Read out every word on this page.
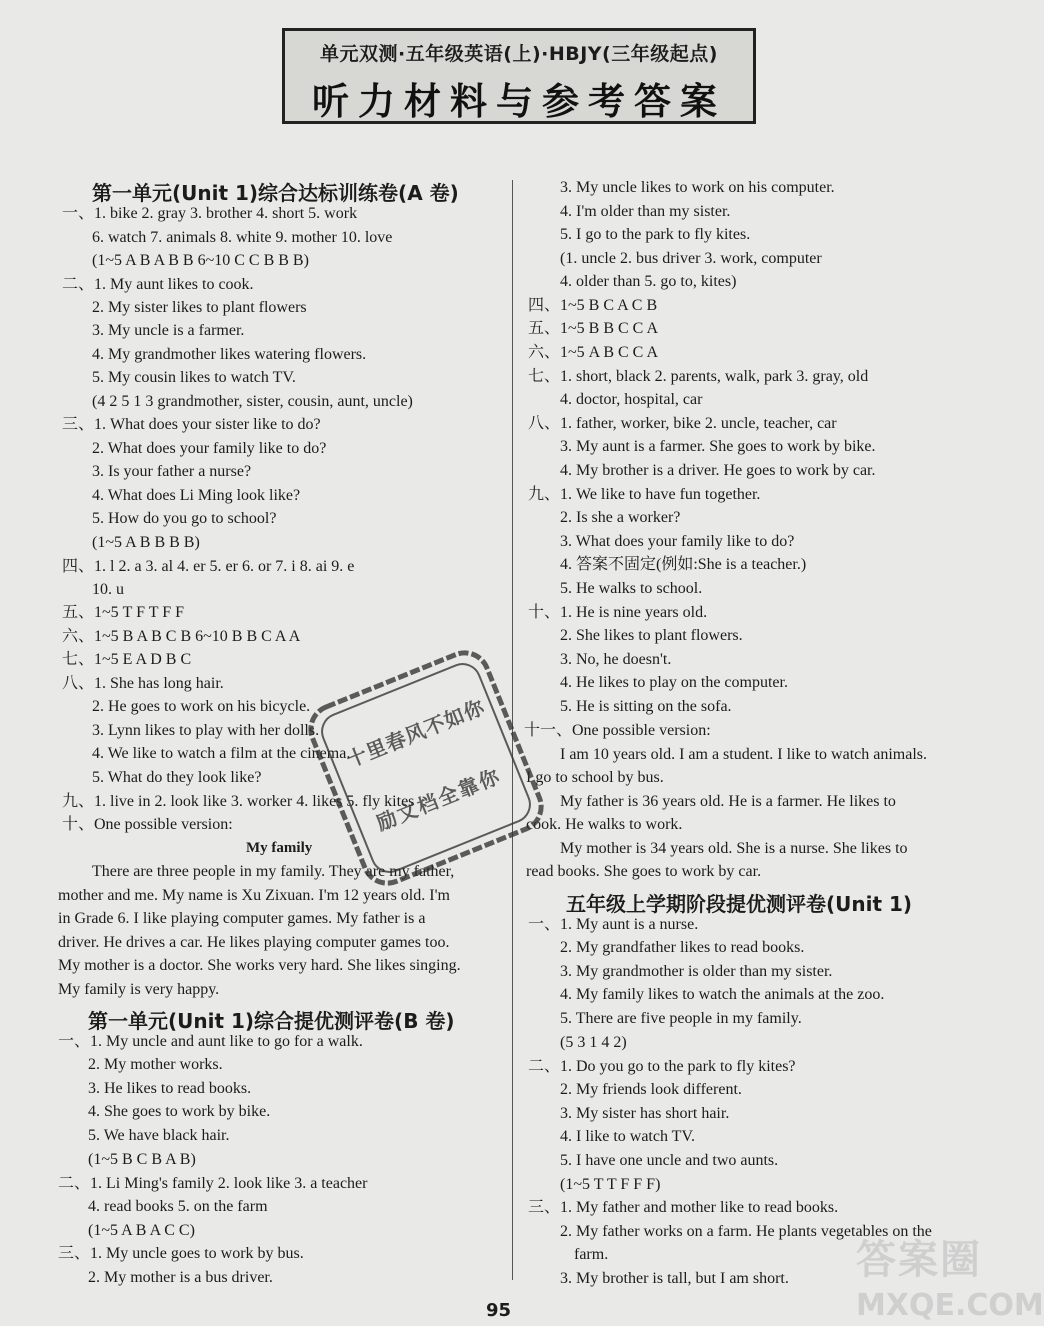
单元双测·五年级英语(上)·HBJY(三年级起点)
听力材料与参考答案
第一单元(Unit 1)综合达标训练卷(A 卷)
一、1. bike 2. gray 3. brother 4. short 5. work
6. watch 7. animals 8. white 9. mother 10. love
(1~5 A B A B B 6~10 C C B B B)
二、1. My aunt likes to cook.
2. My sister likes to plant flowers
3. My uncle is a farmer.
4. My grandmother likes watering flowers.
5. My cousin likes to watch TV.
(4 2 5 1 3 grandmother, sister, cousin, aunt, uncle)
三、1. What does your sister like to do?
2. What does your family like to do?
3. Is your father a nurse?
4. What does Li Ming look like?
5. How do you go to school?
(1~5 A B B B B)
四、1. l 2. a 3. al 4. er 5. er 6. or 7. i 8. ai 9. e
10. u
五、1~5 T F T F F
六、1~5 B A B C B 6~10 B B C A A
七、1~5 E A D B C
八、1. She has long hair.
2. He goes to work on his bicycle.
3. Lynn likes to play with her dolls.
4. We like to watch a film at the cinema.
5. What do they look like?
九、1. live in 2. look like 3. worker 4. likes 5. fly kites
十、One possible version:
My family
There are three people in my family. They are my father,
mother and me. My name is Xu Zixuan. I'm 12 years old. I'm
in Grade 6. I like playing computer games. My father is a
driver. He drives a car. He likes playing computer games too.
My mother is a doctor. She works very hard. She likes singing.
My family is very happy.
第一单元(Unit 1)综合提优测评卷(B 卷)
一、1. My uncle and aunt like to go for a walk.
2. My mother works.
3. He likes to read books.
4. She goes to work by bike.
5. We have black hair.
(1~5 B C B A B)
二、1. Li Ming's family 2. look like 3. a teacher
4. read books 5. on the farm
(1~5 A B A C C)
三、1. My uncle goes to work by bus.
2. My mother is a bus driver.
3. My uncle likes to work on his computer.
4. I'm older than my sister.
5. I go to the park to fly kites.
(1. uncle 2. bus driver 3. work, computer
4. older than 5. go to, kites)
四、1~5 B C A C B
五、1~5 B B C C A
六、1~5 A B C C A
七、1. short, black 2. parents, walk, park 3. gray, old
4. doctor, hospital, car
八、1. father, worker, bike 2. uncle, teacher, car
3. My aunt is a farmer. She goes to work by bike.
4. My brother is a driver. He goes to work by car.
九、1. We like to have fun together.
2. Is she a worker?
3. What does your family like to do?
4. 答案不固定(例如:She is a teacher.)
5. He walks to school.
十、1. He is nine years old.
2. She likes to plant flowers.
3. No, he doesn't.
4. He likes to play on the computer.
5. He is sitting on the sofa.
十一、One possible version:
I am 10 years old. I am a student. I like to watch animals.
I go to school by bus.
My father is 36 years old. He is a farmer. He likes to
cook. He walks to work.
My mother is 34 years old. She is a nurse. She likes to
read books. She goes to work by car.
五年级上学期阶段提优测评卷(Unit 1)
一、1. My aunt is a nurse.
2. My grandfather likes to read books.
3. My grandmother is older than my sister.
4. My family likes to watch the animals at the zoo.
5. There are five people in my family.
(5 3 1 4 2)
二、1. Do you go to the park to fly kites?
2. My friends look different.
3. My sister has short hair.
4. I like to watch TV.
5. I have one uncle and two aunts.
(1~5 T T F F F)
三、1. My father and mother like to read books.
2. My father works on a farm. He plants vegetables on the
farm.
3. My brother is tall, but I am short.
十里春风不如你
励文档全靠你
95
答案圈
MXQE.COM
